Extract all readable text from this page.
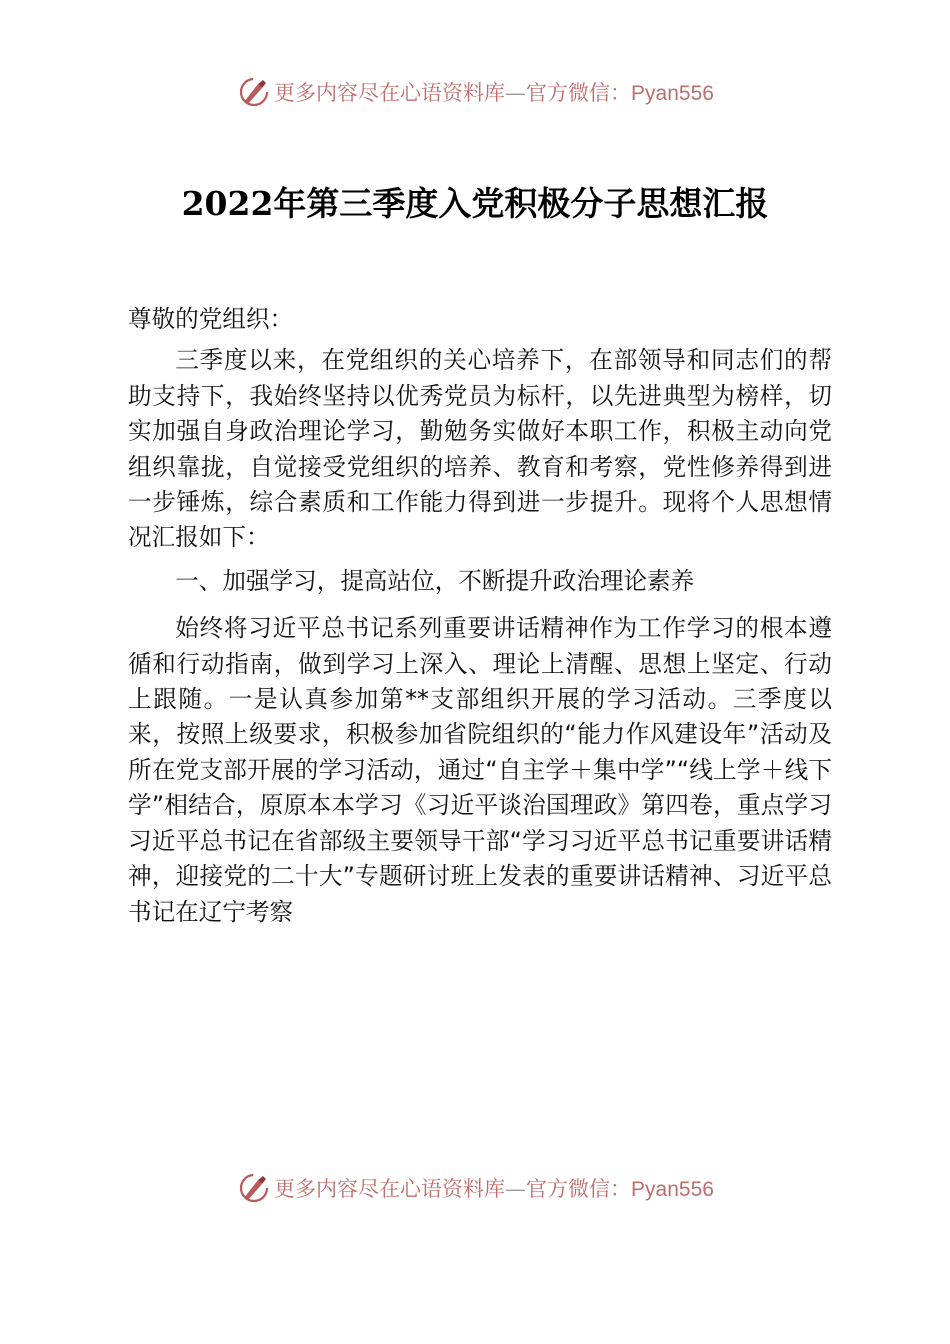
更多内容尽在心语资料库—官方微信：Pyan556
2022年第三季度入党积极分子思想汇报

尊敬的党组织：

三季度以来，在党组织的关心培养下，在部领导和同志们的帮助支持下，我始终坚持以优秀党员为标杆，以先进典型为榜样，切实加强自身政治理论学习，勤勉务实做好本职工作，积极主动向党组织靠拢，自觉接受党组织的培养、教育和考察，党性修养得到进一步锤炼，综合素质和工作能力得到进一步提升。现将个人思想情况汇报如下：

一、加强学习，提高站位，不断提升政治理论素养

始终将习近平总书记系列重要讲话精神作为工作学习的根本遵循和行动指南，做到学习上深入、理论上清醒、思想上坚定、行动上跟随。一是认真参加第**支部组织开展的学习活动。三季度以来，按照上级要求，积极参加省院组织的“能力作风建设年”活动及所在党支部开展的学习活动，通过“自主学＋集中学”“线上学＋线下学”相结合，原原本本学习《习近平谈治国理政》第四卷，重点学习习近平总书记在省部级主要领导干部“学习习近平总书记重要讲话精神，迎接党的二十大”专题研讨班上发表的重要讲话精神、习近平总书记在辽宁考察

更多内容尽在心语资料库—官方微信：Pyan556
